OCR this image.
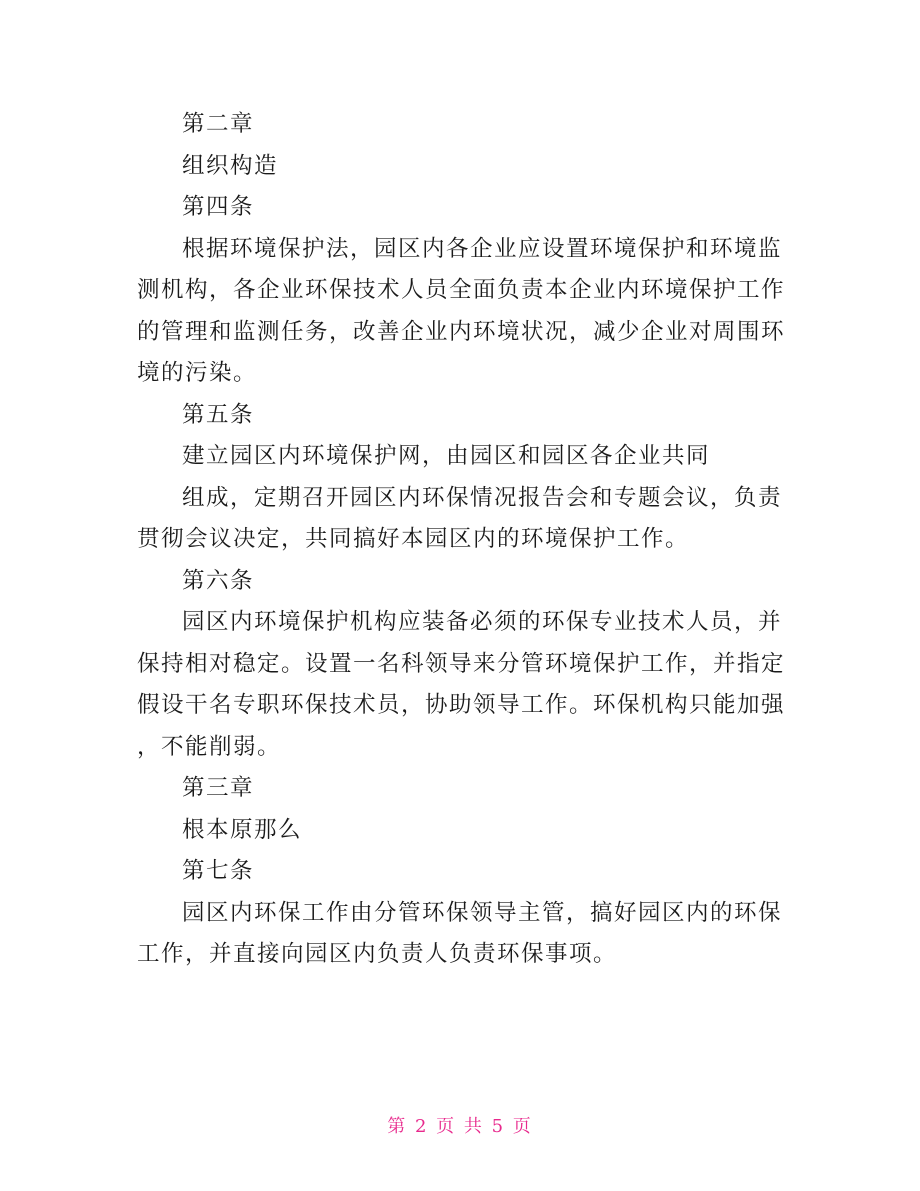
第二章

组织构造

第四条

根据环境保护法，园区内各企业应设置环境保护和环境监

测机构，各企业环保技术人员全面负责本企业内环境保护工作

的管理和监测任务，改善企业内环境状况，减少企业对周围环

境的污染。

第五条

建立园区内环境保护网，由园区和园区各企业共同

组成，定期召开园区内环保情况报告会和专题会议，负责

贯彻会议决定，共同搞好本园区内的环境保护工作。

第六条

园区内环境保护机构应装备必须的环保专业技术人员，并

保持相对稳定。设置一名科领导来分管环境保护工作，并指定

假设干名专职环保技术员，协助领导工作。环保机构只能加强

，不能削弱。

第三章

根本原那么

第七条

园区内环保工作由分管环保领导主管，搞好园区内的环保

工作，并直接向园区内负责人负责环保事项。

第 2 页 共 5 页
